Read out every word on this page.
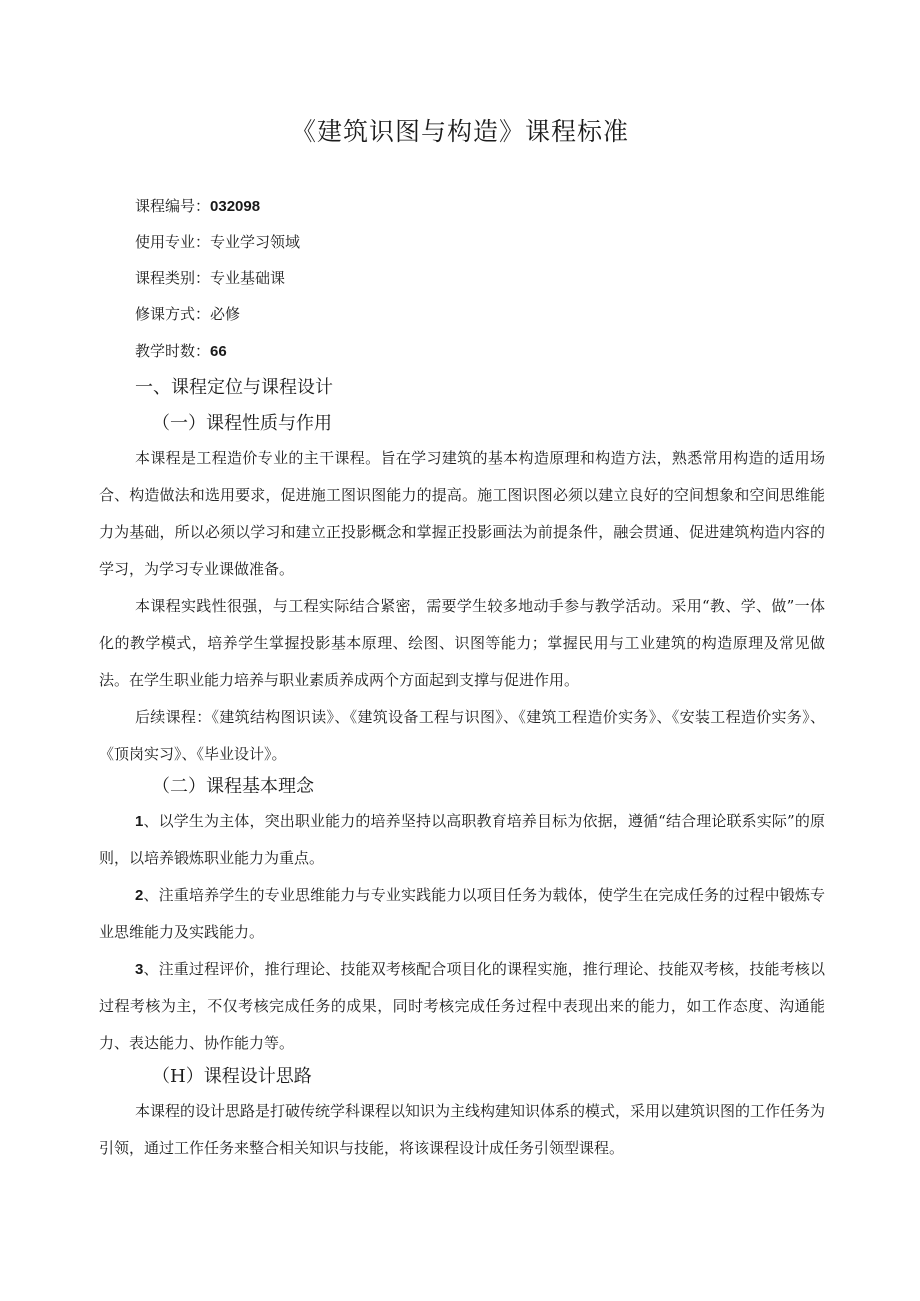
《建筑识图与构造》课程标准
课程编号：032098
使用专业：专业学习领域
课程类别：专业基础课
修课方式：必修
教学时数：66
一、课程定位与课程设计
（一）课程性质与作用

本课程是工程造价专业的主干课程。旨在学习建筑的基本构造原理和构造方法，熟悉常用构造的适用场合、构造做法和选用要求，促进施工图识图能力的提高。施工图识图必须以建立良好的空间想象和空间思维能力为基础，所以必须以学习和建立正投影概念和掌握正投影画法为前提条件，融会贯通、促进建筑构造内容的学习，为学习专业课做准备。

本课程实践性很强，与工程实际结合紧密，需要学生较多地动手参与教学活动。采用“教、学、做”一体化的教学模式，培养学生掌握投影基本原理、绘图、识图等能力；掌握民用与工业建筑的构造原理及常见做法。在学生职业能力培养与职业素质养成两个方面起到支撑与促进作用。

后续课程：《建筑结构图识读》、《建筑设备工程与识图》、《建筑工程造价实务》、《安装工程造价实务》、《顶岗实习》、《毕业设计》。

（二）课程基本理念

1、以学生为主体，突出职业能力的培养坚持以高职教育培养目标为依据，遵循“结合理论联系实际”的原则，以培养锻炼职业能力为重点。

2、注重培养学生的专业思维能力与专业实践能力以项目任务为载体，使学生在完成任务的过程中锻炼专业思维能力及实践能力。

3、注重过程评价，推行理论、技能双考核配合项目化的课程实施，推行理论、技能双考核，技能考核以过程考核为主，不仅考核完成任务的成果，同时考核完成任务过程中表现出来的能力，如工作态度、沟通能力、表达能力、协作能力等。

（H）课程设计思路

本课程的设计思路是打破传统学科课程以知识为主线构建知识体系的模式，采用以建筑识图的工作任务为引领，通过工作任务来整合相关知识与技能，将该课程设计成任务引领型课程。
